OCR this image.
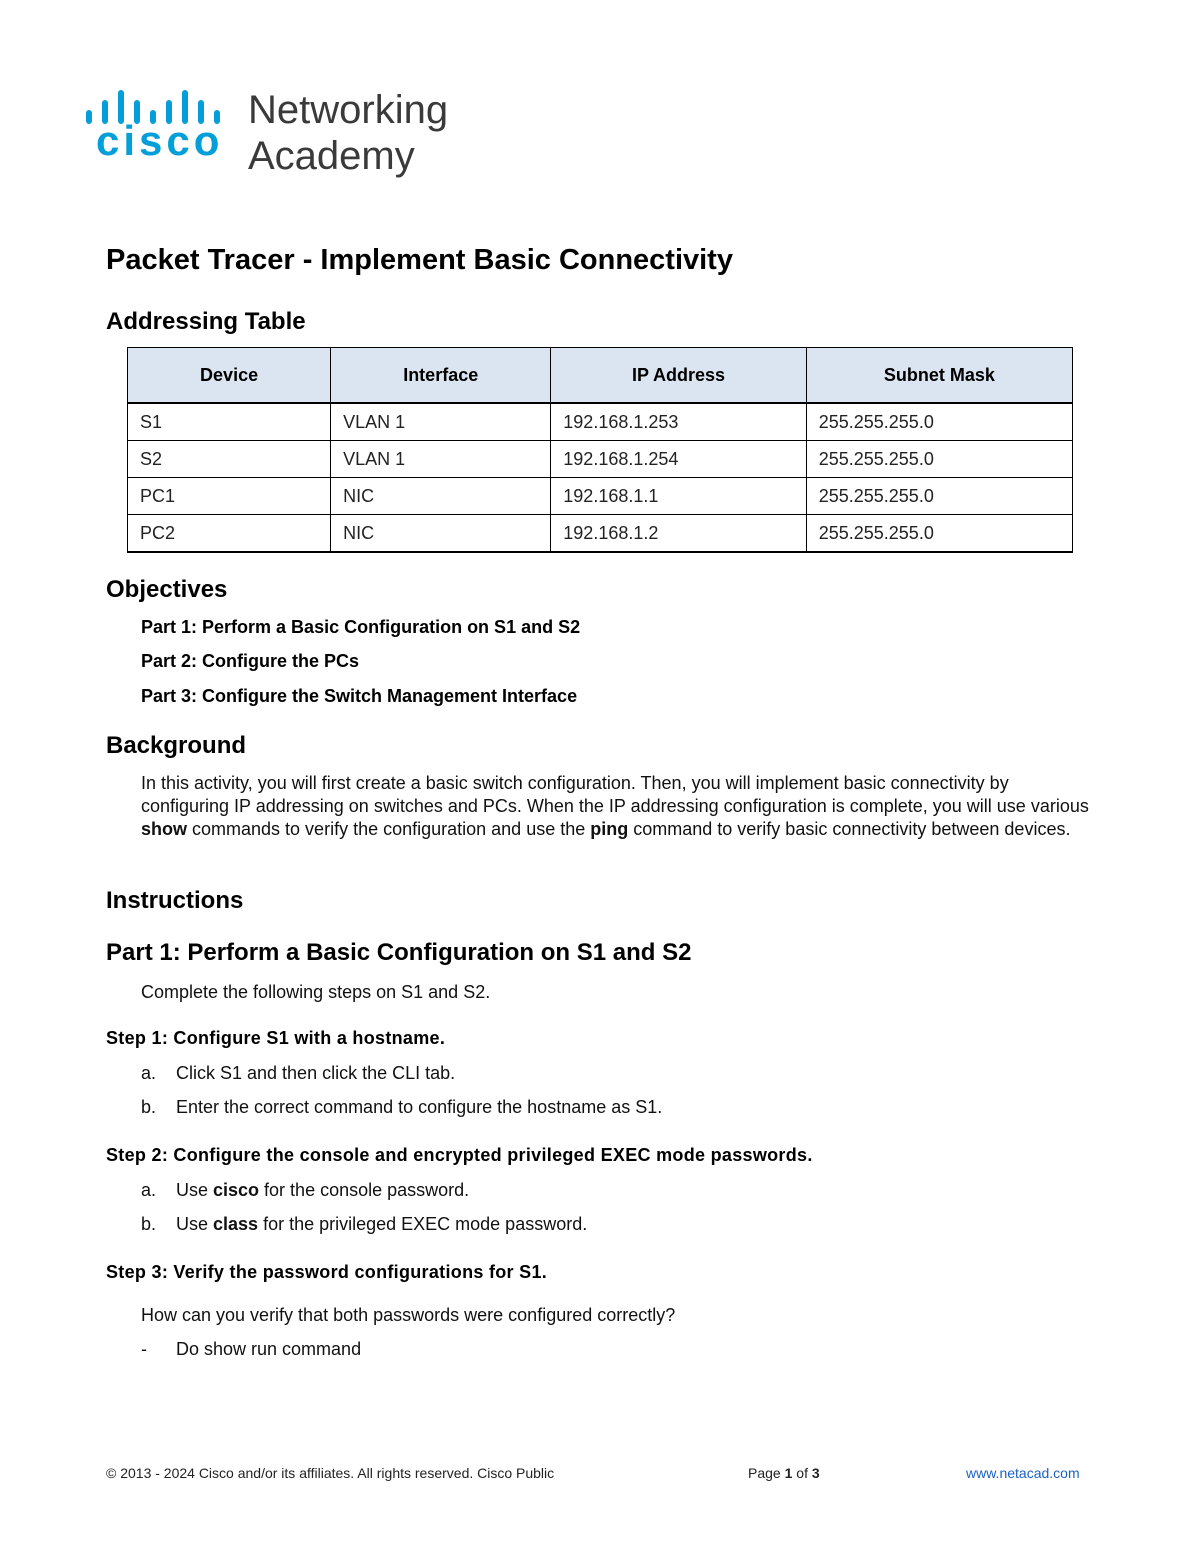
cisco
Networking
Academy
Packet Tracer - Implement Basic Connectivity
Addressing Table
Device	Interface	IP Address	Subnet Mask
S1	VLAN 1	192.168.1.253	255.255.255.0
S2	VLAN 1	192.168.1.254	255.255.255.0
PC1	NIC	192.168.1.1	255.255.255.0
PC2	NIC	192.168.1.2	255.255.255.0
Objectives

Part 1: Perform a Basic Configuration on S1 and S2

Part 2: Configure the PCs

Part 3: Configure the Switch Management Interface

Background

In this activity, you will first create a basic switch configuration. Then, you will implement basic connectivity by configuring IP addressing on switches and PCs. When the IP addressing configuration is complete, you will use various show commands to verify the configuration and use the ping command to verify basic connectivity between devices.

Instructions
Part 1: Perform a Basic Configuration on S1 and S2

Complete the following steps on S1 and S2.

Step 1: Configure S1 with a hostname.

a. Click S1 and then click the CLI tab.

b. Enter the correct command to configure the hostname as S1.

Step 2: Configure the console and encrypted privileged EXEC mode passwords.

a. Use cisco for the console password.

b. Use class for the privileged EXEC mode password.

Step 3: Verify the password configurations for S1.

How can you verify that both passwords were configured correctly?

- Do show run command

© 2013 - 2024 Cisco and/or its affiliates. All rights reserved. Cisco Public	Page 1 of 3	www.netacad.com
